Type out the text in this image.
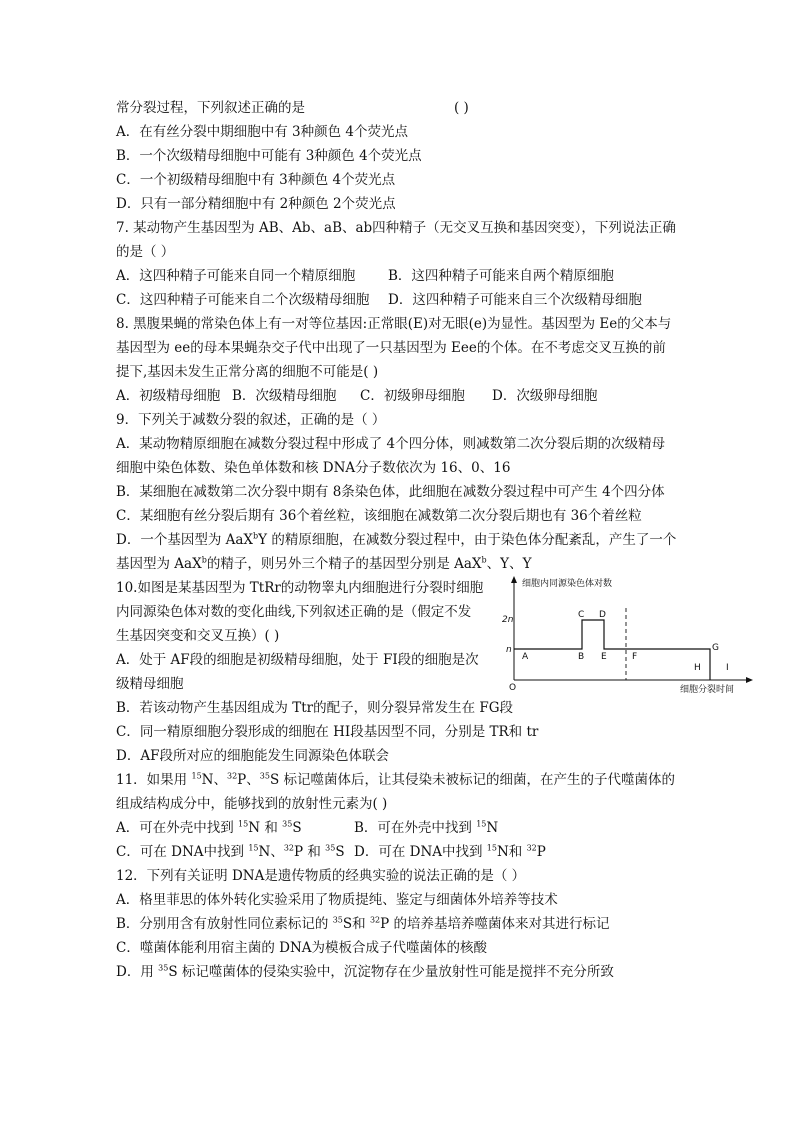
常分裂过程，下列叙述正确的是	( )
A．在有丝分裂中期细胞中有 3种颜色 4个荧光点
B．一个次级精母细胞中可能有 3种颜色 4个荧光点
C．一个初级精母细胞中有 3种颜色 4个荧光点
D．只有一部分精细胞中有 2种颜色 2个荧光点
7. 某动物产生基因型为 AB、Ab、aB、ab四种精子（无交叉互换和基因突变），下列说法正确
的是（ ）
A．这四种精子可能来自同一个精原细胞 B．这四种精子可能来自两个精原细胞
C．这四种精子可能来自二个次级精母细胞 D．这四种精子可能来自三个次级精母细胞
8. 黑腹果蝇的常染色体上有一对等位基因:正常眼(E)对无眼(e)为显性。基因型为 Ee的父本与
基因型为 ee的母本果蝇杂交子代中出现了一只基因型为 Eee的个体。在不考虑交叉互换的前
提下,基因未发生正常分离的细胞不可能是( )
A．初级精母细胞 B．次级精母细胞 C．初级卵母细胞 D．次级卵母细胞
9．下列关于减数分裂的叙述，正确的是（ ）
A．某动物精原细胞在减数分裂过程中形成了 4个四分体，则减数第二次分裂后期的次级精母
细胞中染色体数、染色单体数和核 DNA分子数依次为 16、0、16
B．某细胞在减数第二次分裂中期有 8条染色体，此细胞在减数分裂过程中可产生 4个四分体
C．某细胞有丝分裂后期有 36个着丝粒，该细胞在减数第二次分裂后期也有 36个着丝粒
D．一个基因型为 AaX$^b$Y 的精原细胞，在减数分裂过程中，由于染色体分配紊乱，产生了一个
基因型为 AaX$^b$的精子，则另外三个精子的基因型分别是 AaX$^b$、Y、Y
10.如图是某基因型为 TtRr的动物睾丸内细胞进行分裂时细胞
内同源染色体对数的变化曲线,下列叙述正确的是（假定不发
生基因突变和交叉互换）( )
A．处于 AF段的细胞是初级精母细胞，处于 FI段的细胞是次
级精母细胞
B．若该动物产生基因组成为 Ttr的配子，则分裂异常发生在 FG段
C．同一精原细胞分裂形成的细胞在 HI段基因型不同，分别是 TR和 tr
D．AF段所对应的细胞能发生同源染色体联会
细胞内同源染色体对数
细胞分裂时间
O
2n
n
A	B
C D
E	F
G
H	I
11．如果用 $^{15}$N、$^{32}$P、$^{35}$S 标记噬菌体后，让其侵染未被标记的细菌，在产生的子代噬菌体的
组成结构成分中，能够找到的放射性元素为( )
A．可在外壳中找到 $^{15}$N 和 $^{35}$S	B．可在外壳中找到 $^{15}$N
C．可在 DNA中找到 $^{15}$N、$^{32}$P 和 $^{35}$S D．可在 DNA中找到 $^{15}$N和 $^{32}$P
12．下列有关证明 DNA是遗传物质的经典实验的说法正确的是（ ）
A．格里菲思的体外转化实验采用了物质提纯、鉴定与细菌体外培养等技术
B．分别用含有放射性同位素标记的 $^{35}$S和 $^{32}$P 的培养基培养噬菌体来对其进行标记
C．噬菌体能利用宿主菌的 DNA为模板合成子代噬菌体的核酸
D．用 $^{35}$S 标记噬菌体的侵染实验中，沉淀物存在少量放射性可能是搅拌不充分所致
